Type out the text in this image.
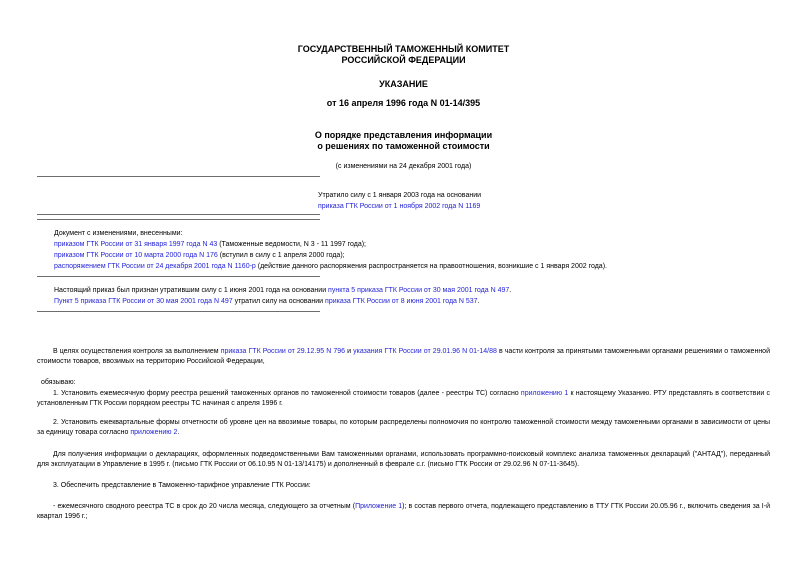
ГОСУДАРСТВЕННЫЙ ТАМОЖЕННЫЙ КОМИТЕТ

РОССИЙСКОЙ ФЕДЕРАЦИИ

УКАЗАНИЕ

от 16 апреля 1996 года N 01-14/395

О порядке представления информации

о решениях по таможенной стоимости

(с изменениями на 24 декабря 2001 года)

Утратило силу с 1 января 2003 года на основании

приказа ГТК России от 1 ноября 2002 года N 1169

Документ с изменениями, внесенными:

приказом ГТК России от 31 января 1997 года N 43 (Таможенные ведомости, N 3 - 11 1997 года);

приказом ГТК России от 10 марта 2000 года N 176 (вступил в силу с 1 апреля 2000 года);

распоряжением ГТК России от 24 декабря 2001 года N 1160-р (действие данного распоряжения распространяется на правоотношения, возникшие с 1 января 2002 года).

Настоящий приказ был признан утратившим силу с 1 июня 2001 года на основании пункта 5 приказа ГТК России от 30 мая 2001 года N 497.

Пункт 5 приказа ГТК России от 30 мая 2001 года N 497 утратил силу на основании приказа ГТК России от 8 июня 2001 года N 537.

В целях осуществления контроля за выполнением приказа ГТК России от 29.12.95 N 796 и указания ГТК России от 29.01.96 N 01-14/88 в части контроля за принятыми таможенными органами решениями о таможенной стоимости товаров, ввозимых на территорию Российской Федерации,

обязываю:

1. Установить ежемесячную форму реестра решений таможенных органов по таможенной стоимости товаров (далее - реестры ТС) согласно приложению 1 к настоящему Указанию. РТУ представлять в соответствии с установленным ГТК России порядком реестры ТС начиная с апреля 1996 г.

2. Установить ежеквартальные формы отчетности об уровне цен на ввозимые товары, по которым распределены полномочия по контролю таможенной стоимости между таможенными органами в зависимости от цены за единицу товара согласно приложению 2.

Для получения информации о декларациях, оформленных подведомственными Вам таможенными органами, использовать программно-поисковый комплекс анализа таможенных деклараций ("АНТАД"), переданный для эксплуатации в Управление в 1995 г. (письмо ГТК России от 06.10.95 N 01-13/14175) и дополненный в феврале с.г. (письмо ГТК России от 29.02.96 N 07-11-3645).

3. Обеспечить представление в Таможенно-тарифное управление ГТК России:

- ежемесячного сводного реестра ТС в срок до 20 числа месяца, следующего за отчетным (Приложение 1); в состав первого отчета, подлежащего представлению в ТТУ ГТК России 20.05.96 г., включить сведения за I-й квартал 1996 г.;
